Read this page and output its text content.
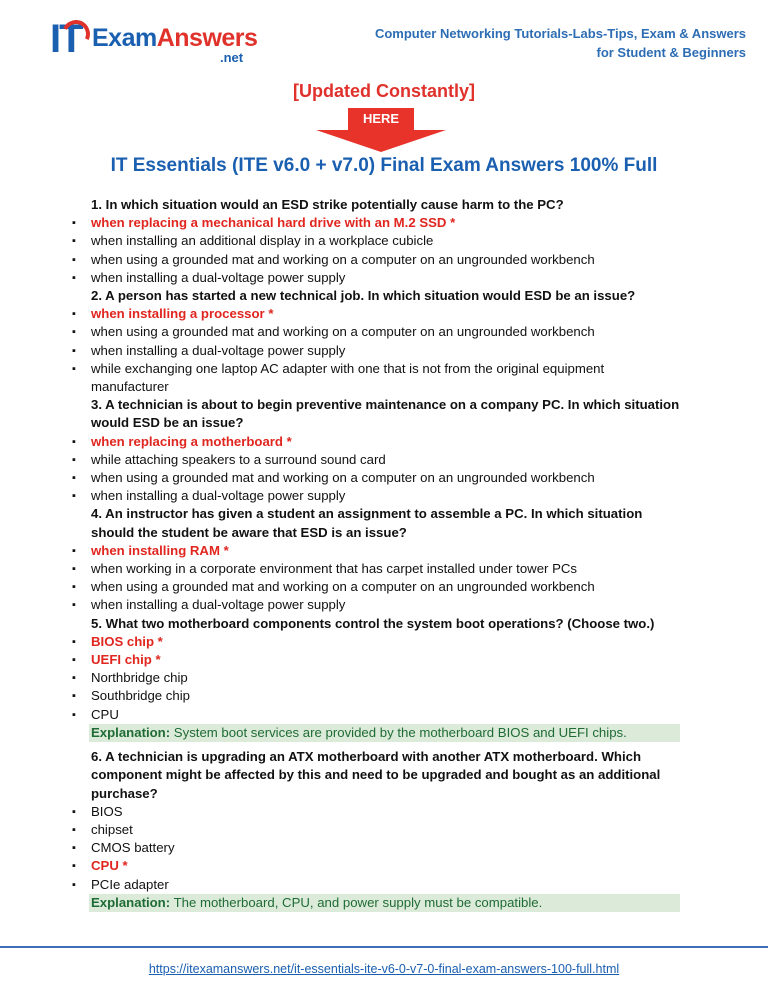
IT ExamAnswers
.net
Computer Networking Tutorials-Labs-Tips, Exam & Answers
for Student & Beginners
[Updated Constantly]
HERE
IT Essentials (ITE v6.0 + v7.0) Final Exam Answers 100% Full
1. In which situation would an ESD strike potentially cause harm to the PC?
▪ when replacing a mechanical hard drive with an M.2 SSD *
▪ when installing an additional display in a workplace cubicle
▪ when using a grounded mat and working on a computer on an ungrounded workbench
▪ when installing a dual-voltage power supply
2. A person has started a new technical job. In which situation would ESD be an issue?
▪ when installing a processor *
▪ when using a grounded mat and working on a computer on an ungrounded workbench
▪ when installing a dual-voltage power supply
▪ while exchanging one laptop AC adapter with one that is not from the original equipment
manufacturer
3. A technician is about to begin preventive maintenance on a company PC. In which situation
would ESD be an issue?
▪ when replacing a motherboard *
▪ while attaching speakers to a surround sound card
▪ when using a grounded mat and working on a computer on an ungrounded workbench
▪ when installing a dual-voltage power supply
4. An instructor has given a student an assignment to assemble a PC. In which situation
should the student be aware that ESD is an issue?
▪ when installing RAM *
▪ when working in a corporate environment that has carpet installed under tower PCs
▪ when using a grounded mat and working on a computer on an ungrounded workbench
▪ when installing a dual-voltage power supply
5. What two motherboard components control the system boot operations? (Choose two.)
▪ BIOS chip *
▪ UEFI chip *
▪ Northbridge chip
▪ Southbridge chip
▪ CPU
Explanation: System boot services are provided by the motherboard BIOS and UEFI chips.
6. A technician is upgrading an ATX motherboard with another ATX motherboard. Which
component might be affected by this and need to be upgraded and bought as an additional
purchase?
▪ BIOS
▪ chipset
▪ CMOS battery
▪ CPU *
▪ PCIe adapter
Explanation: The motherboard, CPU, and power supply must be compatible.
https://itexamanswers.net/it-essentials-ite-v6-0-v7-0-final-exam-answers-100-full.html
